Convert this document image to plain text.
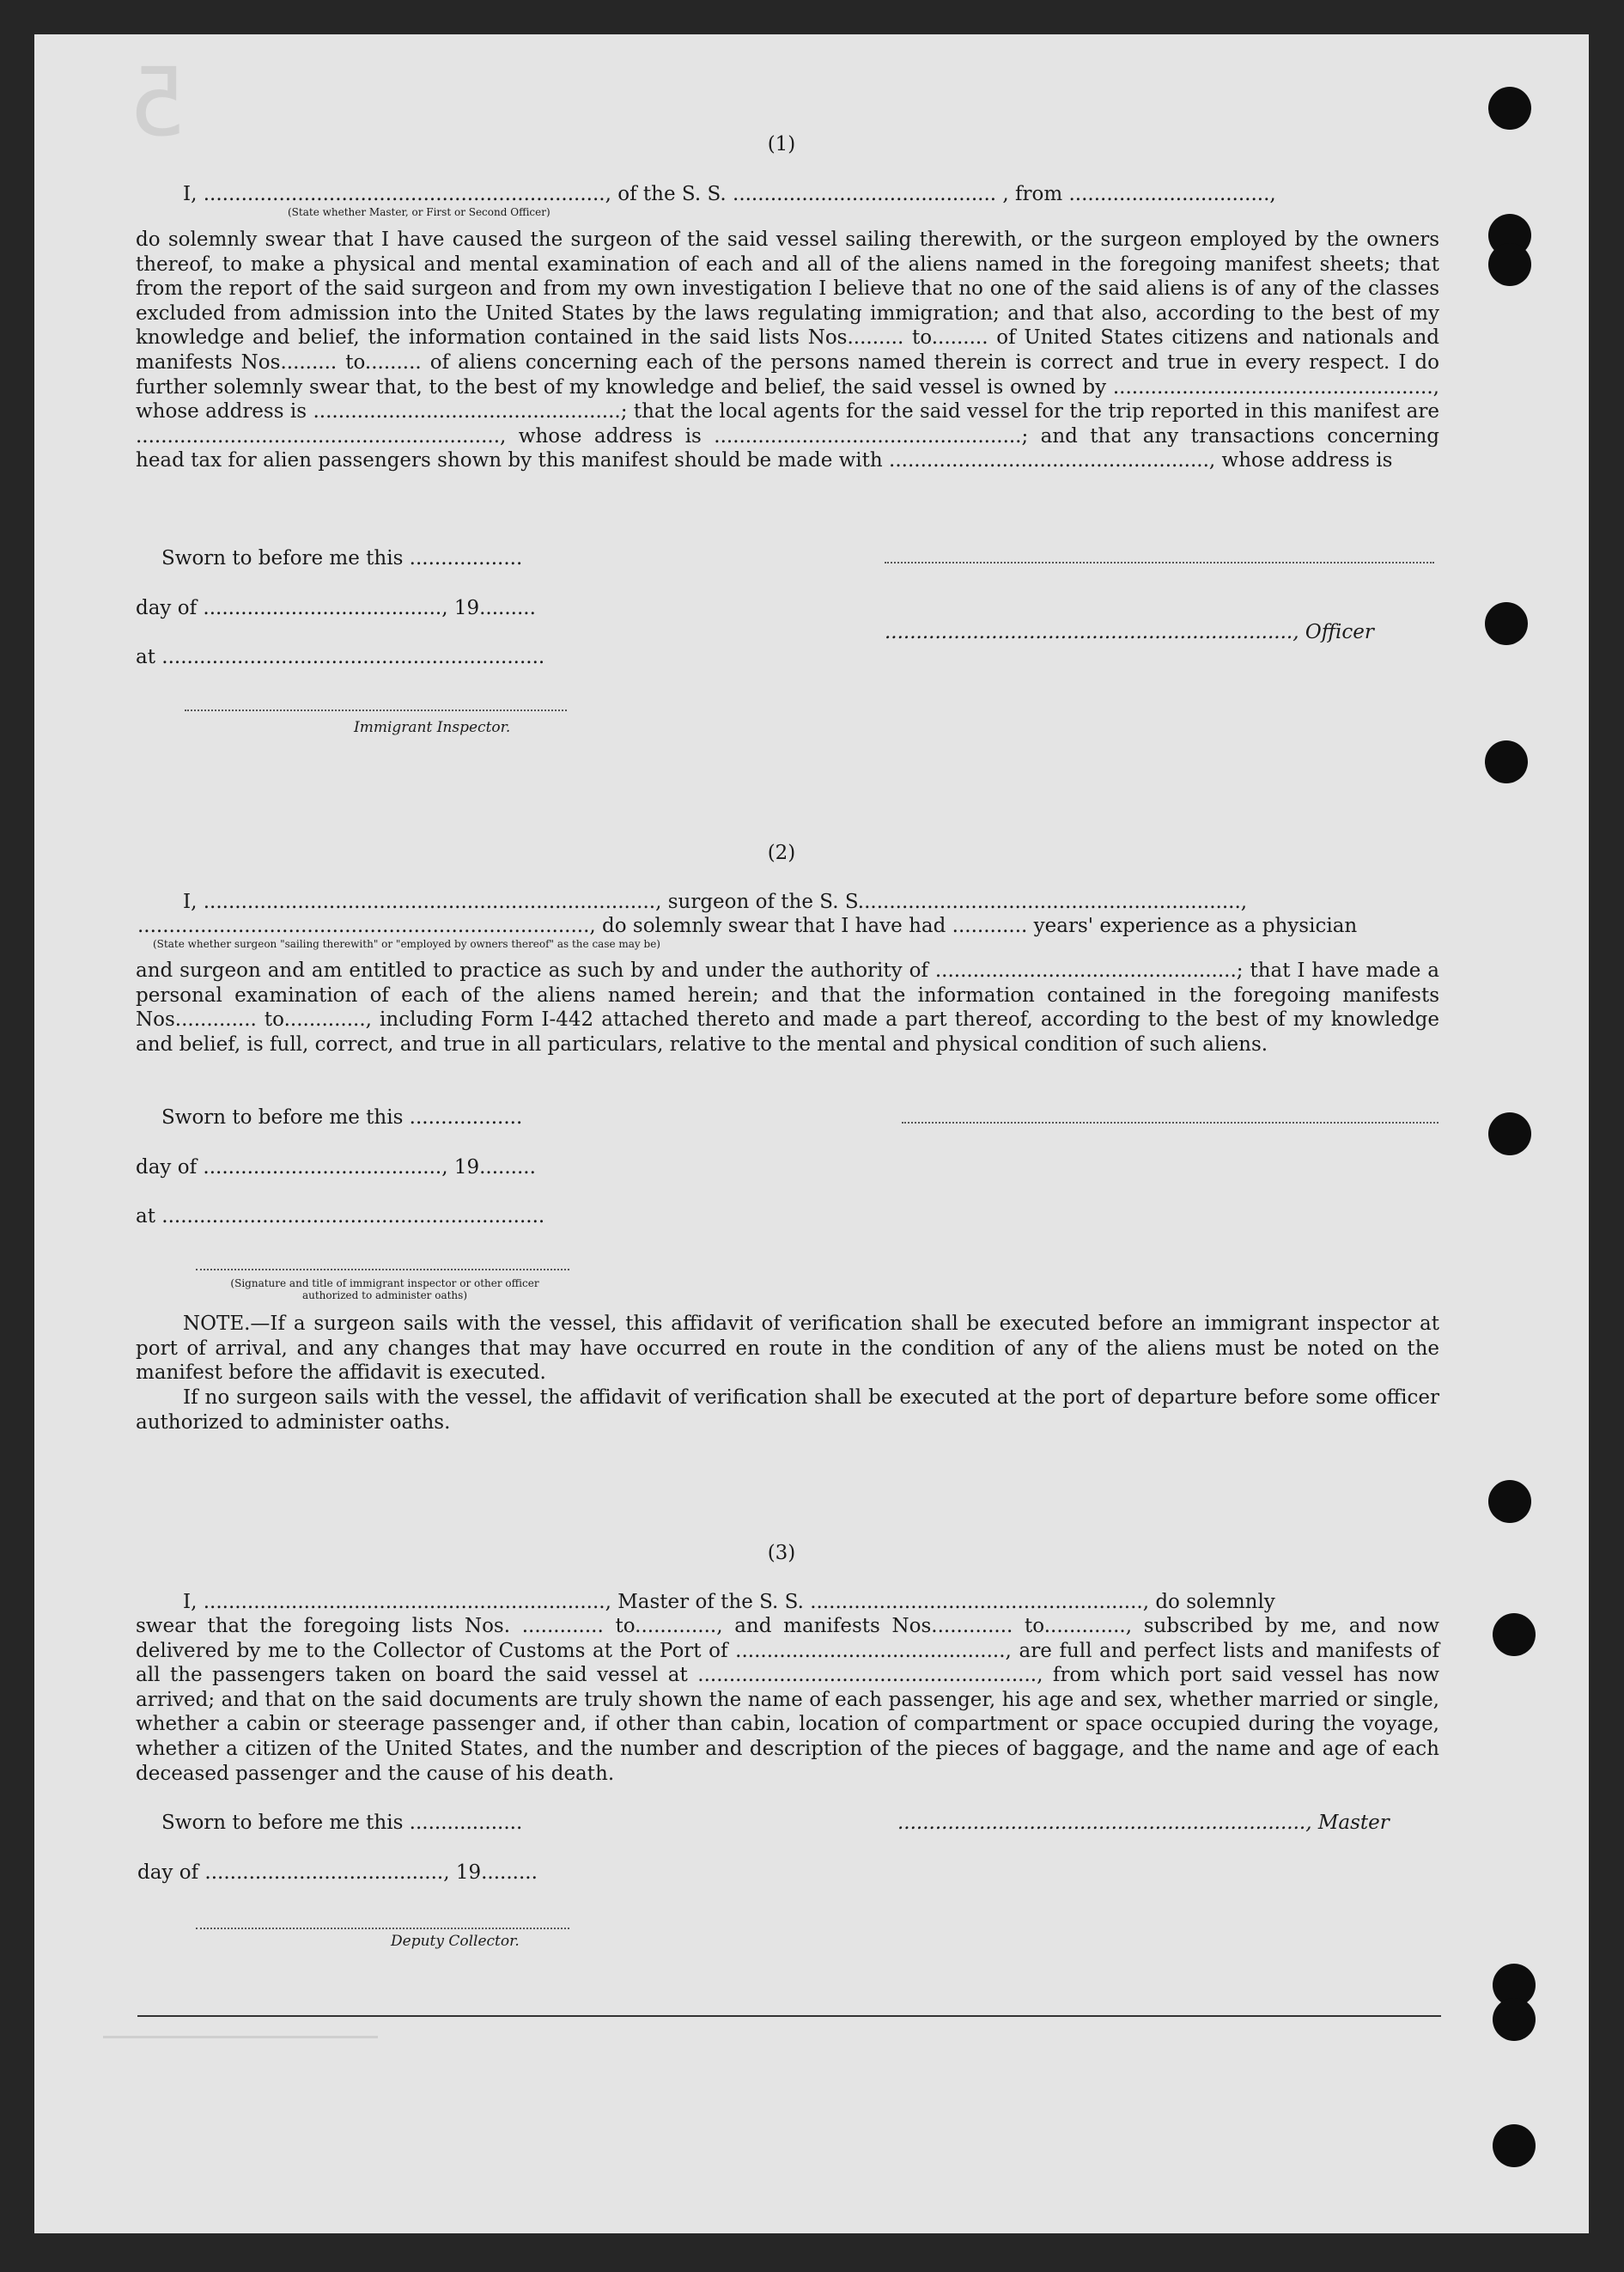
5	(1)
I, ................................................................, of the S. S. .......................................... , from ................................,
(State whether Master, or First or Second Officer)
do solemnly swear that I have caused the surgeon of the said vessel sailing therewith, or the surgeon employed by the owners thereof, to make a physical and mental examination of each and all of the aliens named in the foregoing manifest sheets; that from the report of the said surgeon and from my own investigation I believe that no one of the said aliens is of any of the classes excluded from admission into the United States by the laws regulating immigration; and that also, according to the best of my knowledge and belief, the information contained in the said lists Nos......... to......... of United States citizens and nationals and manifests Nos......... to......... of aliens concerning each of the persons named therein is correct and true in every respect. I do further solemnly swear that, to the best of my knowledge and belief, the said vessel is owned by ..................................................., whose address is .................................................; that the local agents for the said vessel for the trip reported in this manifest are .........................................................., whose address is .................................................; and that any transactions concerning head tax for alien passengers shown by this manifest should be made with ..................................................., whose address is
Sworn to before me this ..................
day of ......................................, 19.........
................................................................., Officer
at .............................................................
Immigrant Inspector.
(2)
I, ........................................................................, surgeon of the S. S.............................................................,
........................................................................, do solemnly swear that I have had ............ years' experience as a physician
(State whether surgeon "sailing therewith" or "employed by owners thereof" as the case may be)
and surgeon and am entitled to practice as such by and under the authority of ................................................; that I have made a personal examination of each of the aliens named herein; and that the information contained in the foregoing manifests Nos............. to............., including Form I-442 attached thereto and made a part thereof, according to the best of my knowledge and belief, is full, correct, and true in all particulars, relative to the mental and physical condition of such aliens.
Sworn to before me this ..................
day of ......................................, 19.........
at .............................................................
(Signature and title of immigrant inspector or other officer authorized to administer oaths)
NOTE.—If a surgeon sails with the vessel, this affidavit of verification shall be executed before an immigrant inspector at port of arrival, and any changes that may have occurred en route in the condition of any of the aliens must be noted on the manifest before the affidavit is executed.
If no surgeon sails with the vessel, the affidavit of verification shall be executed at the port of departure before some officer authorized to administer oaths.
(3)
I, ................................................................, Master of the S. S. ....................................................., do solemnly
swear that the foregoing lists Nos. ............. to............., and manifests Nos............. to............., subscribed by me, and now delivered by me to the Collector of Customs at the Port of ..........................................., are full and perfect lists and manifests of all the passengers taken on board the said vessel at ......................................................, from which port said vessel has now arrived; and that on the said documents are truly shown the name of each passenger, his age and sex, whether married or single, whether a cabin or steerage passenger and, if other than cabin, location of compartment or space occupied during the voyage, whether a citizen of the United States, and the number and description of the pieces of baggage, and the name and age of each deceased passenger and the cause of his death.
Sworn to before me this ..................	................................................................., Master
day of ......................................, 19.........
Deputy Collector.
